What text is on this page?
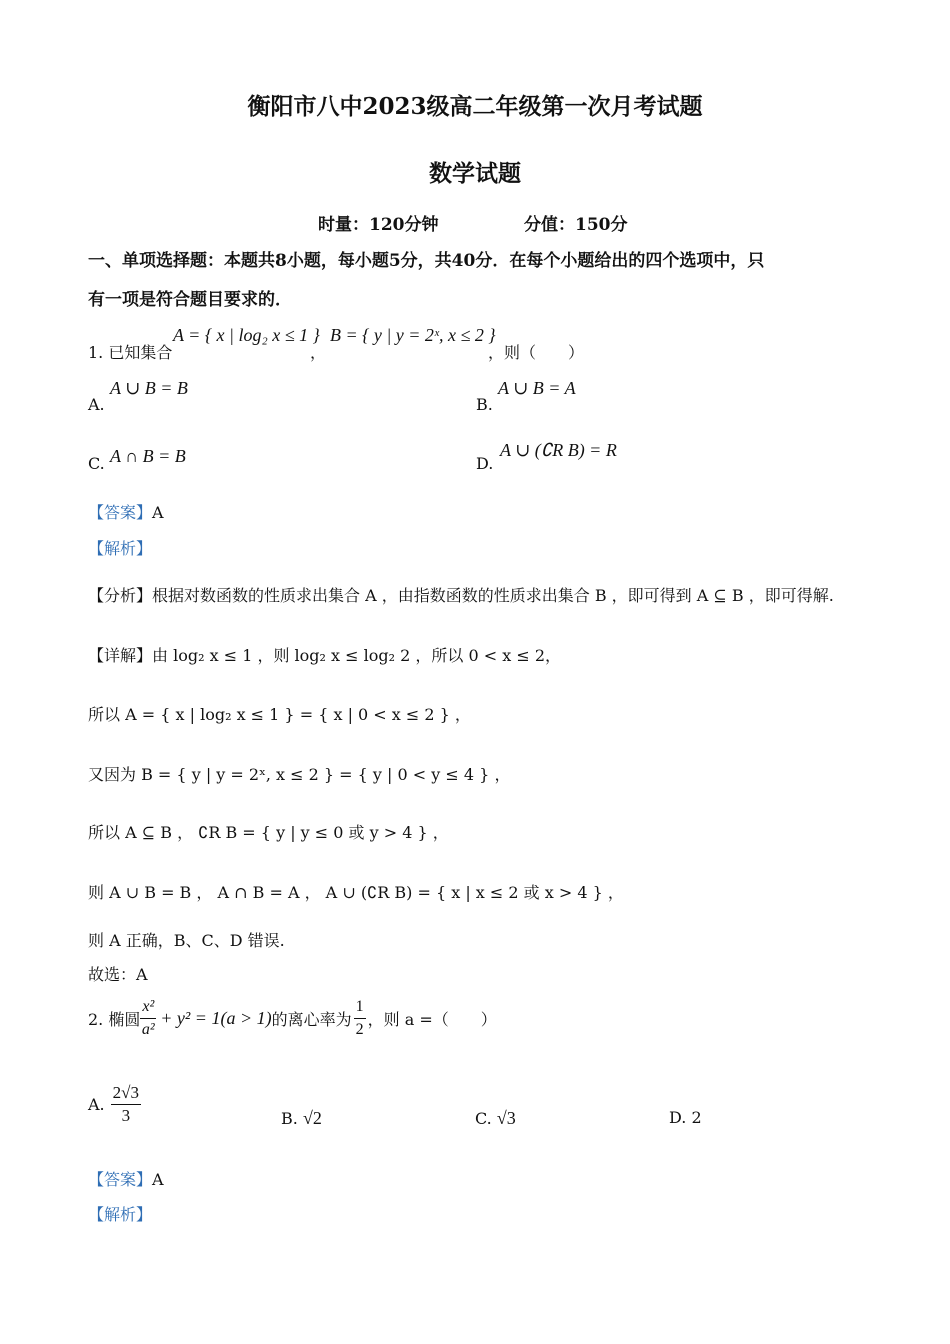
衡阳市八中2023级高二年级第一次月考试题
数学试题
时量：120分钟	分值：150分
一、单项选择题：本题共8小题，每小题5分，共40分．在每个小题给出的四个选项中，只
有一项是符合题目要求的．
1. 已知集合
A = { x | log₂ x ≤ 1 }
，
B = { y | y = 2ˣ, x ≤ 2 }
，则（　　）
A.
A ∪ B = B
B.
A ∪ B = A
C. A ∩ B = B	D.
A ∪ (∁R B) = R
【答案】A
【解析】
【分析】根据对数函数的性质求出集合 A ，由指数函数的性质求出集合 B ，即可得到 A ⊆ B ，即可得解.
【详解】由 log₂ x ≤ 1 ，则 log₂ x ≤ log₂ 2 ，所以 0 < x ≤ 2，
所以 A = { x | log₂ x ≤ 1 } = { x | 0 < x ≤ 2 } ，
又因为 B = { y | y = 2ˣ, x ≤ 2 } = { y | 0 < y ≤ 4 } ，
所以 A ⊆ B ， ∁R B = { y | y ≤ 0 或 y > 4 } ，
则 A ∪ B = B ， A ∩ B = A ， A ∪ (∁R B) = { x | x ≤ 2 或 x > 4 } ，
则 A 正确，B、C、D 错误.
故选：A
2. 椭圆 $\frac{\text{x²}}{\text{a²}} + y^2 = 1(a > 1)$ 的离心率为 $\frac{1}{2}$ ，则 a =（　　）
A. $\frac{2√3}{3}$	B. √2	C. √3	D. 2
【答案】A
【解析】
